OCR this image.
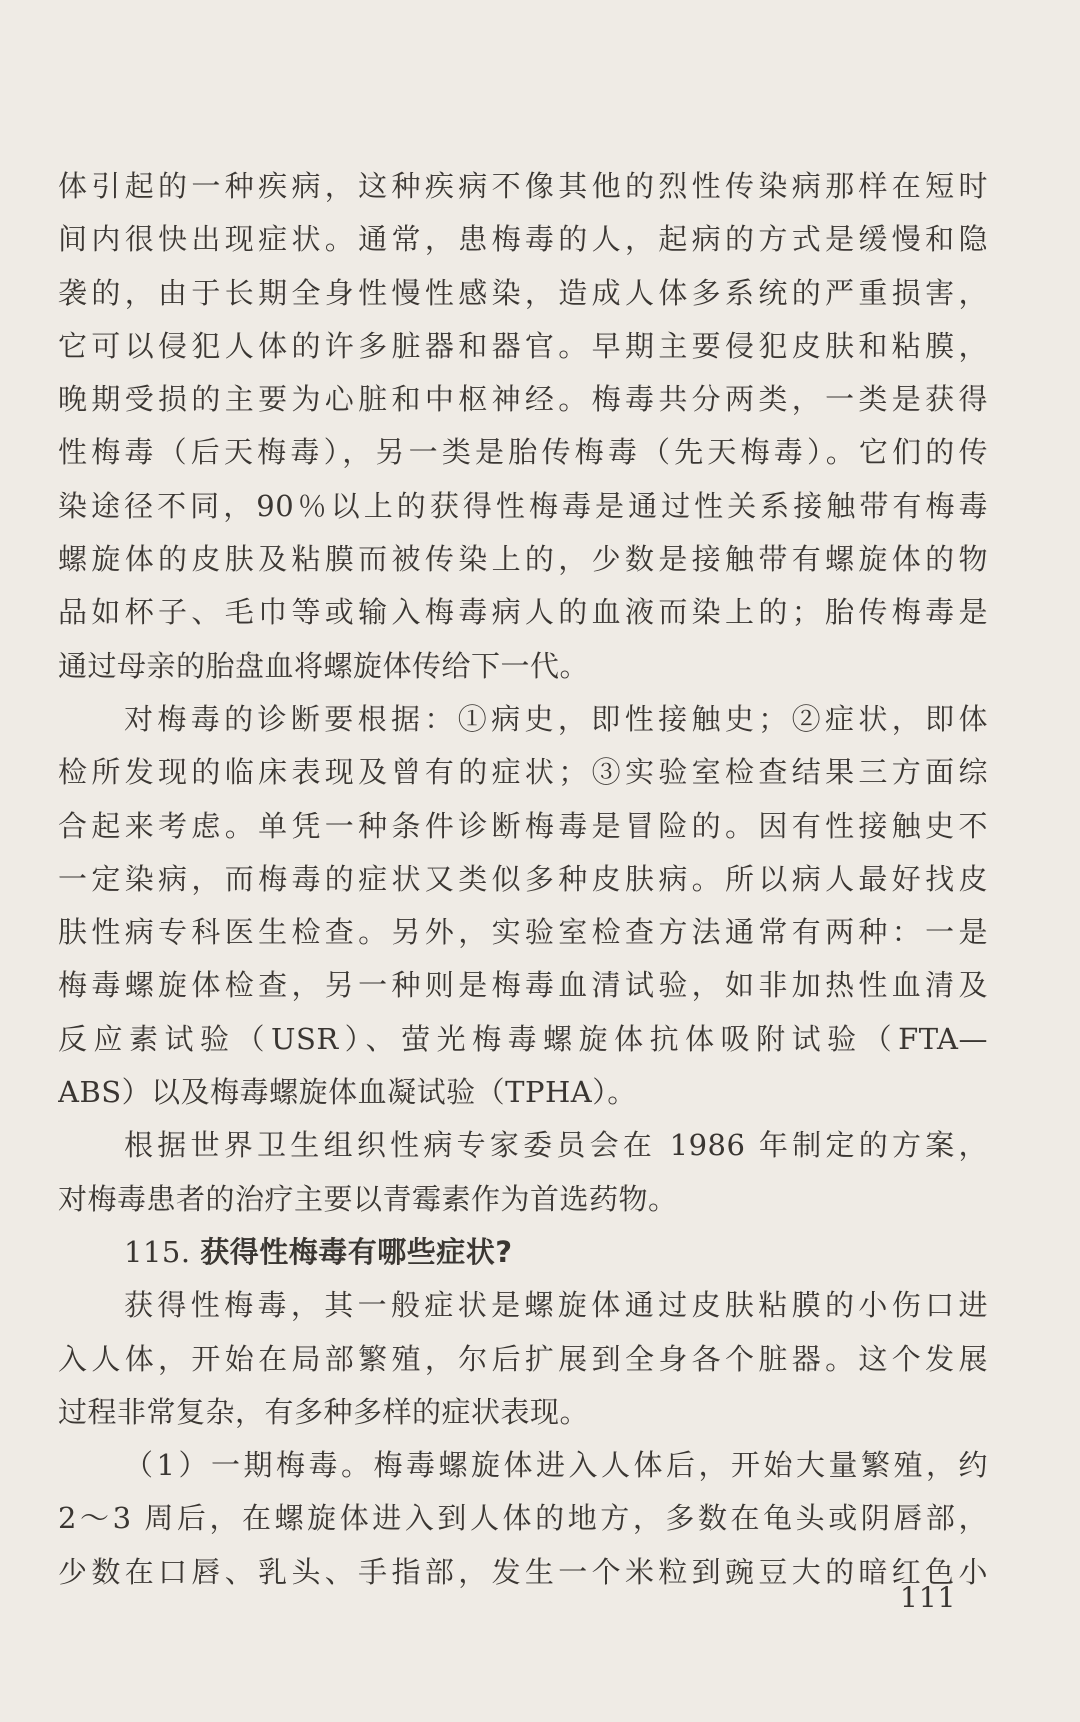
体引起的一种疾病，这种疾病不像其他的烈性传染病那样在短时
间内很快出现症状。通常，患梅毒的人，起病的方式是缓慢和隐
袭的，由于长期全身性慢性感染，造成人体多系统的严重损害，
它可以侵犯人体的许多脏器和器官。早期主要侵犯皮肤和粘膜，
晚期受损的主要为心脏和中枢神经。梅毒共分两类，一类是获得
性梅毒（后天梅毒），另一类是胎传梅毒（先天梅毒）。它们的传
染途径不同，90％以上的获得性梅毒是通过性关系接触带有梅毒
螺旋体的皮肤及粘膜而被传染上的，少数是接触带有螺旋体的物
品如杯子、毛巾等或输入梅毒病人的血液而染上的；胎传梅毒是
通过母亲的胎盘血将螺旋体传给下一代。
对梅毒的诊断要根据：①病史，即性接触史；②症状，即体
检所发现的临床表现及曾有的症状；③实验室检查结果三方面综
合起来考虑。单凭一种条件诊断梅毒是冒险的。因有性接触史不
一定染病，而梅毒的症状又类似多种皮肤病。所以病人最好找皮
肤性病专科医生检查。另外，实验室检查方法通常有两种：一是
梅毒螺旋体检查，另一种则是梅毒血清试验，如非加热性血清及
反应素试验（USR）、萤光梅毒螺旋体抗体吸附试验（FTA—
ABS）以及梅毒螺旋体血凝试验（TPHA）。
根据世界卫生组织性病专家委员会在 1986 年制定的方案，
对梅毒患者的治疗主要以青霉素作为首选药物。
115. 获得性梅毒有哪些症状?
获得性梅毒，其一般症状是螺旋体通过皮肤粘膜的小伤口进
入人体，开始在局部繁殖，尔后扩展到全身各个脏器。这个发展
过程非常复杂，有多种多样的症状表现。
（1）一期梅毒。梅毒螺旋体进入人体后，开始大量繁殖，约
2～3 周后，在螺旋体进入到人体的地方，多数在龟头或阴唇部，
少数在口唇、乳头、手指部，发生一个米粒到豌豆大的暗红色小
111
